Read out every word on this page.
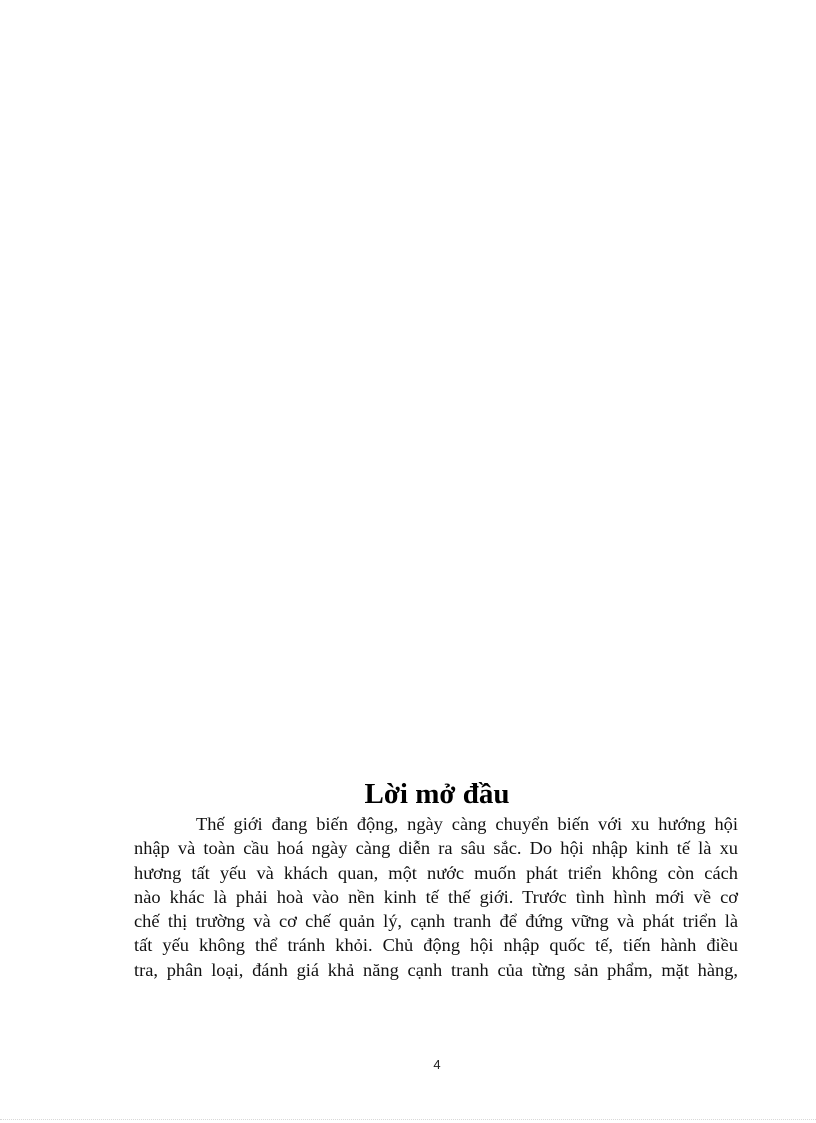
Lời mở đầu
Thế giới đang biến động, ngày càng chuyển biến với xu hướng hội
nhập và toàn cầu hoá ngày càng diễn ra sâu sắc. Do hội nhập kinh tế là xu
hương tất yếu và khách quan, một nước muốn phát triển không còn cách
nào khác là phải hoà vào nền kinh tế thế giới. Trước tình hình mới về cơ
chế thị trường và cơ chế quản lý, cạnh tranh để đứng vững và phát triển là
tất yếu không thể tránh khỏi. Chủ động hội nhập quốc tế, tiến hành điều
tra, phân loại, đánh giá khả năng cạnh tranh của từng sản phẩm, mặt hàng,
4
